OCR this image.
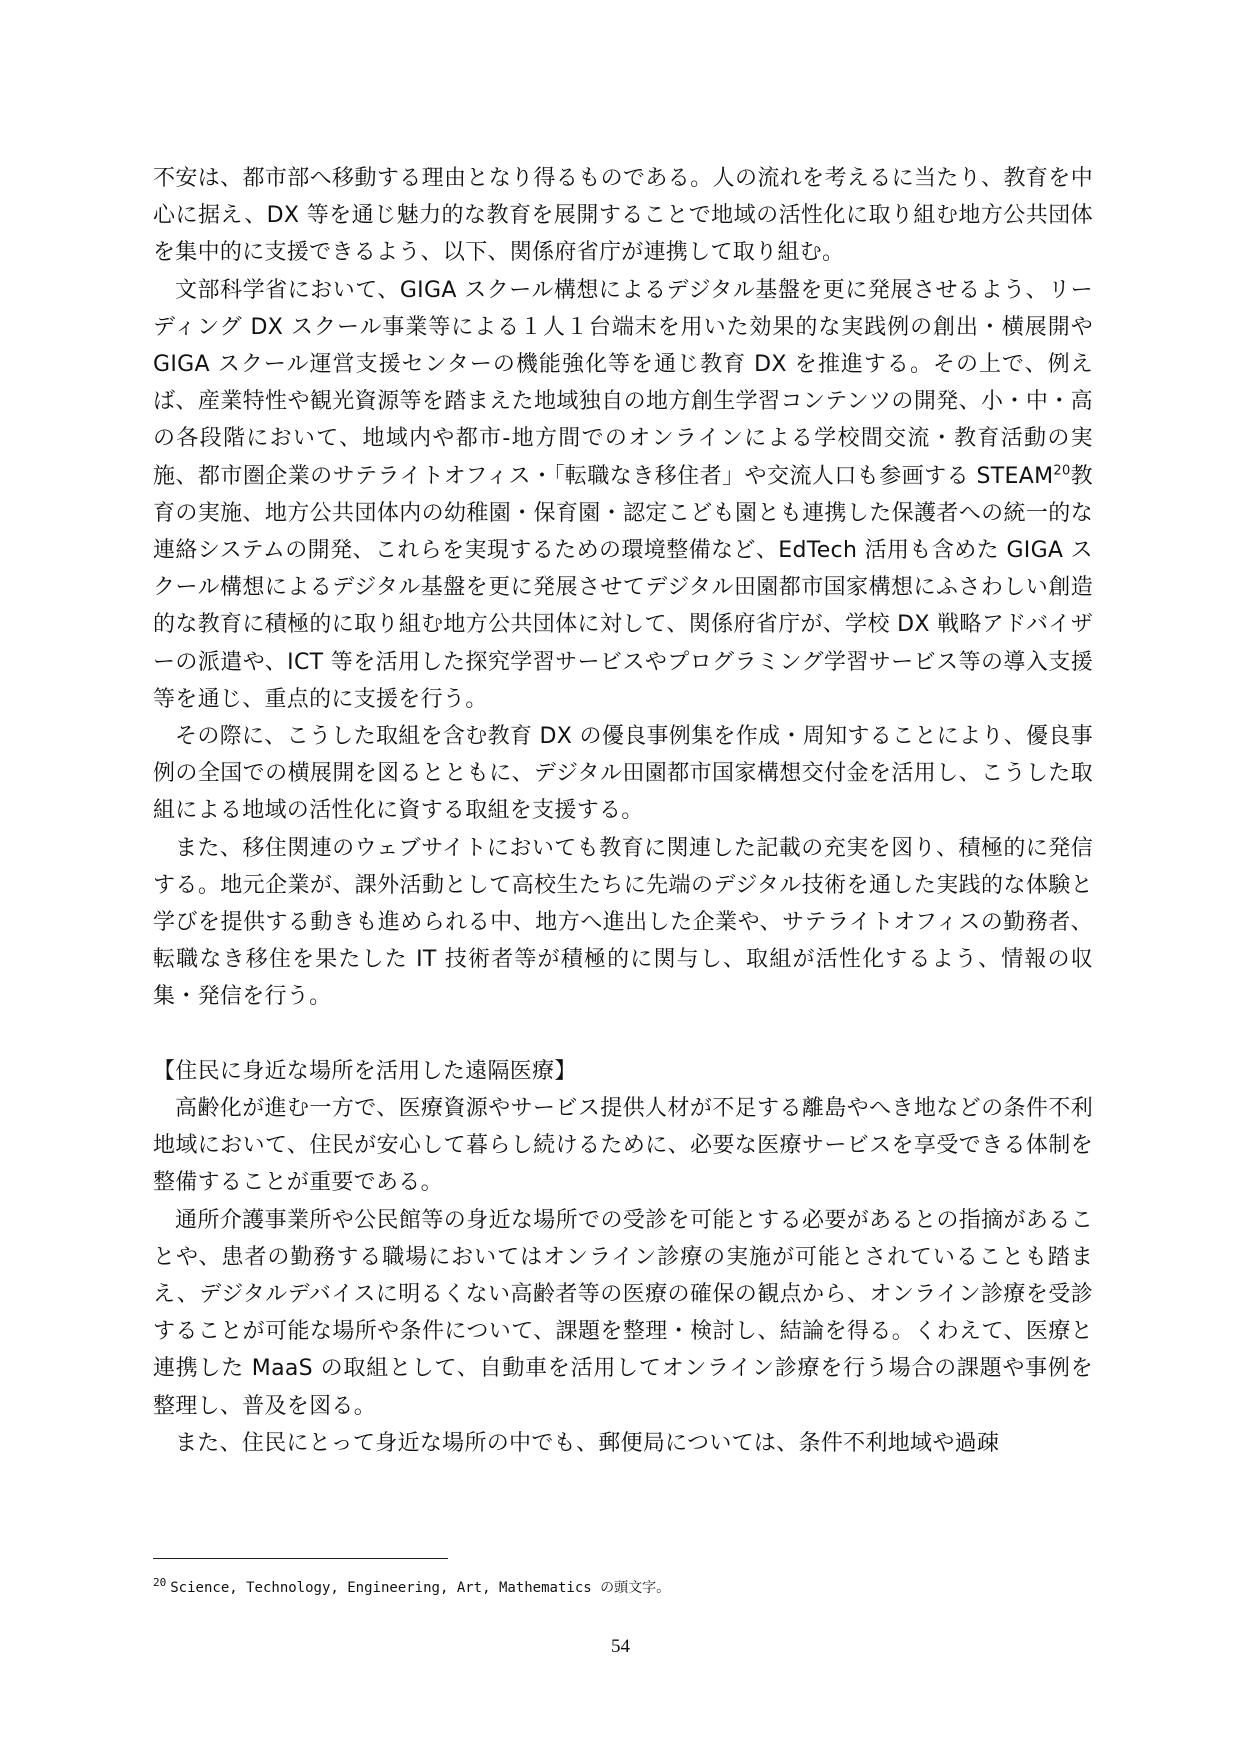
不安は、都市部へ移動する理由となり得るものである。人の流れを考えるに当たり、教育を中心に据え、DX 等を通じ魅力的な教育を展開することで地域の活性化に取り組む地方公共団体を集中的に支援できるよう、以下、関係府省庁が連携して取り組む。

文部科学省において、GIGA スクール構想によるデジタル基盤を更に発展させるよう、リーディング DX スクール事業等による１人１台端末を用いた効果的な実践例の創出・横展開や GIGA スクール運営支援センターの機能強化等を通じ教育 DX を推進する。その上で、例えば、産業特性や観光資源等を踏まえた地域独自の地方創生学習コンテンツの開発、小・中・高の各段階において、地域内や都市-地方間でのオンラインによる学校間交流・教育活動の実施、都市圏企業のサテライトオフィス・「転職なき移住者」や交流人口も参画する STEAM$^{20}$教育の実施、地方公共団体内の幼稚園・保育園・認定こども園とも連携した保護者への統一的な連絡システムの開発、これらを実現するための環境整備など、EdTech 活用も含めた GIGA スクール構想によるデジタル基盤を更に発展させてデジタル田園都市国家構想にふさわしい創造的な教育に積極的に取り組む地方公共団体に対して、関係府省庁が、学校 DX 戦略アドバイザーの派遣や、ICT 等を活用した探究学習サービスやプログラミング学習サービス等の導入支援等を通じ、重点的に支援を行う。

その際に、こうした取組を含む教育 DX の優良事例集を作成・周知することにより、優良事例の全国での横展開を図るとともに、デジタル田園都市国家構想交付金を活用し、こうした取組による地域の活性化に資する取組を支援する。

また、移住関連のウェブサイトにおいても教育に関連した記載の充実を図り、積極的に発信する。地元企業が、課外活動として高校生たちに先端のデジタル技術を通した実践的な体験と学びを提供する動きも進められる中、地方へ進出した企業や、サテライトオフィスの勤務者、転職なき移住を果たした IT 技術者等が積極的に関与し、取組が活性化するよう、情報の収集・発信を行う。

【住民に身近な場所を活用した遠隔医療】

高齢化が進む一方で、医療資源やサービス提供人材が不足する離島やへき地などの条件不利地域において、住民が安心して暮らし続けるために、必要な医療サービスを享受できる体制を整備することが重要である。

通所介護事業所や公民館等の身近な場所での受診を可能とする必要があるとの指摘があることや、患者の勤務する職場においてはオンライン診療の実施が可能とされていることも踏まえ、デジタルデバイスに明るくない高齢者等の医療の確保の観点から、オンライン診療を受診することが可能な場所や条件について、課題を整理・検討し、結論を得る。くわえて、医療と連携した MaaS の取組として、自動車を活用してオンライン診療を行う場合の課題や事例を整理し、普及を図る。

また、住民にとって身近な場所の中でも、郵便局については、条件不利地域や過疎

$^{20}$ Science, Technology, Engineering, Art, Mathematics の頭文字。
54
